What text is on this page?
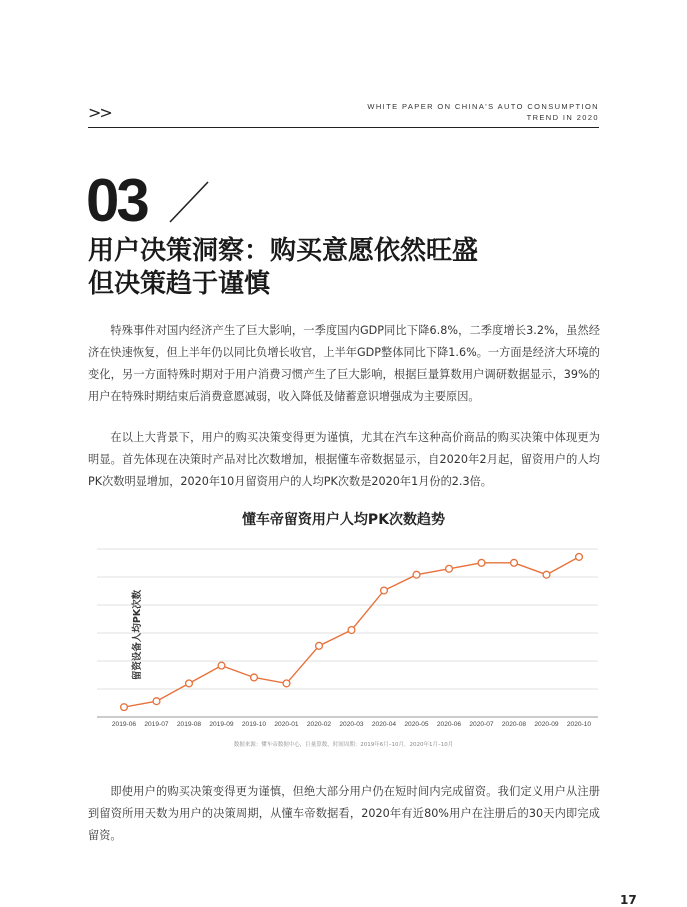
>>	WHITE PAPER ON CHINA'S AUTO CONSUMPTION
TREND IN 2020
03
用户决策洞察：购买意愿依然旺盛
但决策趋于谨慎
特殊事件对国内经济产生了巨大影响，一季度国内GDP同比下降6.8%，二季度增长3.2%，虽然经济在快速恢复，但上半年仍以同比负增长收官，上半年GDP整体同比下降1.6%。一方面是经济大环境的变化，另一方面特殊时期对于用户消费习惯产生了巨大影响，根据巨量算数用户调研数据显示，39%的用户在特殊时期结束后消费意愿减弱，收入降低及储蓄意识增强成为主要原因。
在以上大背景下，用户的购买决策变得更为谨慎，尤其在汽车这种高价商品的购买决策中体现更为明显。首先体现在决策时产品对比次数增加，根据懂车帝数据显示，自2020年2月起，留资用户的人均PK次数明显增加，2020年10月留资用户的人均PK次数是2020年1月份的2.3倍。
懂车帝留资用户人均PK次数趋势
留资设备人均PK次数
2019-06 2019-07 2019-08 2019-09 2019-10 2020-01 2020-02 2020-03 2020-04 2020-05 2020-06 2020-07 2020-08 2020-09 2020-10
数据来源：懂车帝数据中心，巨量算数，时间周期：2019年6月–10月，2020年1月–10月
即使用户的购买决策变得更为谨慎，但绝大部分用户仍在短时间内完成留资。我们定义用户从注册到留资所用天数为用户的决策周期，从懂车帝数据看，2020年有近80%用户在注册后的30天内即完成留资。
17
